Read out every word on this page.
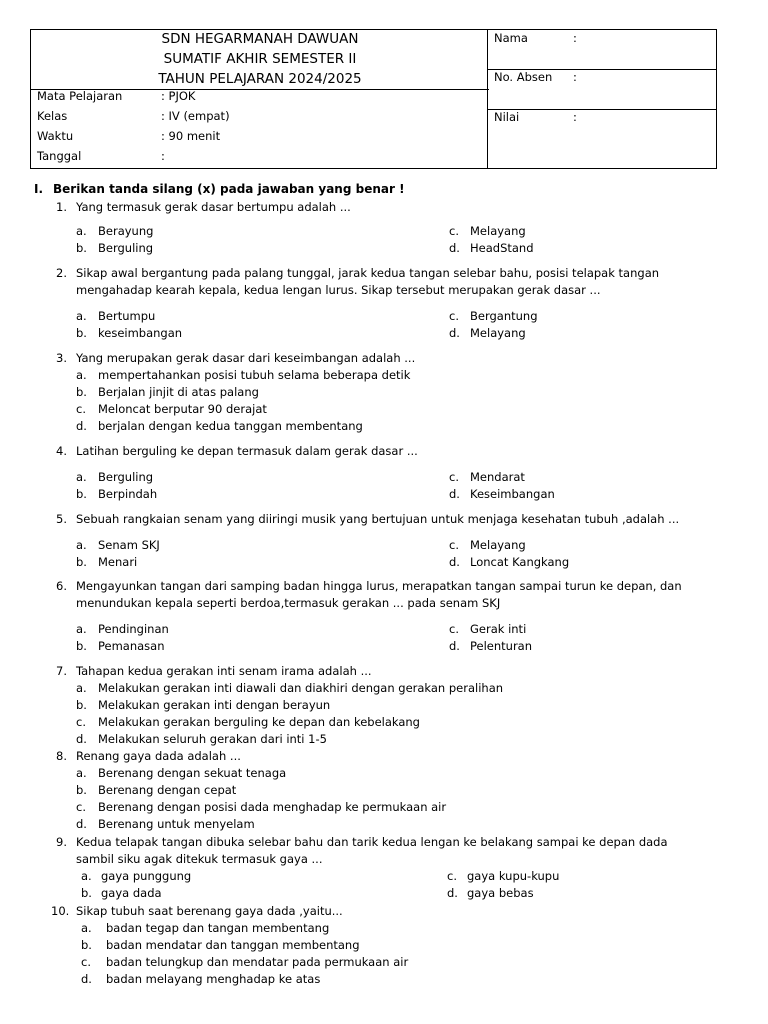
SDN HEGARMANAH DAWUAN
SUMATIF AKHIR SEMESTER II
TAHUN PELAJARAN 2024/2025
Mata Pelajaran	: PJOK
Kelas	: IV (empat)
Waktu	: 90 menit
Tanggal	:
Nama	:
No. Absen :
Nilai	:
I. Berikan tanda silang (x) pada jawaban yang benar !
1. Yang termasuk gerak dasar bertumpu adalah ...
a. Berayung
b. Berguling
c. Melayang
d. HeadStand
2. Sikap awal bergantung pada palang tunggal, jarak kedua tangan selebar bahu, posisi telapak tangan
mengahadap kearah kepala, kedua lengan lurus. Sikap tersebut merupakan gerak dasar ...
a. Bertumpu
b. keseimbangan
c. Bergantung
d. Melayang
3. Yang merupakan gerak dasar dari keseimbangan adalah ...
a. mempertahankan posisi tubuh selama beberapa detik
b. Berjalan jinjit di atas palang
c. Meloncat berputar 90 derajat
d. berjalan dengan kedua tanggan membentang
4. Latihan berguling ke depan termasuk dalam gerak dasar ...
a. Berguling
b. Berpindah
c. Mendarat
d. Keseimbangan
5. Sebuah rangkaian senam yang diiringi musik yang bertujuan untuk menjaga kesehatan tubuh ,adalah ...
a. Senam SKJ
b. Menari
c. Melayang
d. Loncat Kangkang
6. Mengayunkan tangan dari samping badan hingga lurus, merapatkan tangan sampai turun ke depan, dan
menundukan kepala seperti berdoa,termasuk gerakan ... pada senam SKJ
a. Pendinginan
b. Pemanasan
c. Gerak inti
d. Pelenturan
7. Tahapan kedua gerakan inti senam irama adalah ...
a. Melakukan gerakan inti diawali dan diakhiri dengan gerakan peralihan
b. Melakukan gerakan inti dengan berayun
c. Melakukan gerakan berguling ke depan dan kebelakang
d. Melakukan seluruh gerakan dari inti 1-5
8. Renang gaya dada adalah ...
a. Berenang dengan sekuat tenaga
b. Berenang dengan cepat
c. Berenang dengan posisi dada menghadap ke permukaan air
d. Berenang untuk menyelam
9. Kedua telapak tangan dibuka selebar bahu dan tarik kedua lengan ke belakang sampai ke depan dada
sambil siku agak ditekuk termasuk gaya ...
a. gaya punggung
b. gaya dada
c. gaya kupu-kupu
d. gaya bebas
10. Sikap tubuh saat berenang gaya dada ,yaitu...
a. badan tegap dan tangan membentang
b. badan mendatar dan tanggan membentang
c. badan telungkup dan mendatar pada permukaan air
d. badan melayang menghadap ke atas
